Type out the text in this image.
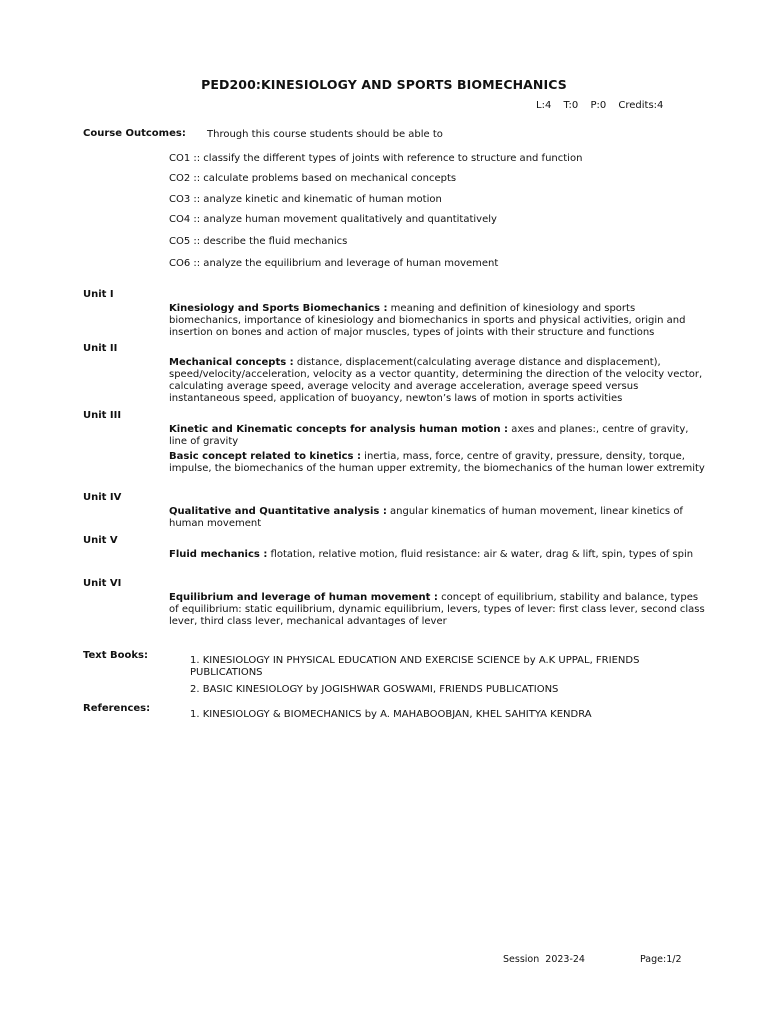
PED200:KINESIOLOGY AND SPORTS BIOMECHANICS
L:4 T:0 P:0 Credits:4
Course Outcomes: Through this course students should be able to
CO1 :: classify the different types of joints with reference to structure and function
CO2 :: calculate problems based on mechanical concepts
CO3 :: analyze kinetic and kinematic of human motion
CO4 :: analyze human movement qualitatively and quantitatively
CO5 :: describe the fluid mechanics
CO6 :: analyze the equilibrium and leverage of human movement
Unit I
Kinesiology and Sports Biomechanics : meaning and definition of kinesiology and sports biomechanics, importance of kinesiology and biomechanics in sports and physical activities, origin and insertion on bones and action of major muscles, types of joints with their structure and functions
Unit II
Mechanical concepts : distance, displacement(calculating average distance and displacement), speed/velocity/acceleration, velocity as a vector quantity, determining the direction of the velocity vector, calculating average speed, average velocity and average acceleration, average speed versus instantaneous speed, application of buoyancy, newton’s laws of motion in sports activities
Unit III
Kinetic and Kinematic concepts for analysis human motion : axes and planes:, centre of gravity, line of gravity
Basic concept related to kinetics : inertia, mass, force, centre of gravity, pressure, density, torque, impulse, the biomechanics of the human upper extremity, the biomechanics of the human lower extremity
Unit IV
Qualitative and Quantitative analysis : angular kinematics of human movement, linear kinetics of human movement
Unit V
Fluid mechanics : flotation, relative motion, fluid resistance: air & water, drag & lift, spin, types of spin
Unit VI
Equilibrium and leverage of human movement : concept of equilibrium, stability and balance, types of equilibrium: static equilibrium, dynamic equilibrium, levers, types of lever: first class lever, second class lever, third class lever, mechanical advantages of lever
Text Books:	1. KINESIOLOGY IN PHYSICAL EDUCATION AND EXERCISE SCIENCE by A.K UPPAL, FRIENDS PUBLICATIONS
2. BASIC KINESIOLOGY by JOGISHWAR GOSWAMI, FRIENDS PUBLICATIONS
References:
1. KINESIOLOGY & BIOMECHANICS by A. MAHABOOBJAN, KHEL SAHITYA KENDRA
Session  2023-24	Page:1/2
